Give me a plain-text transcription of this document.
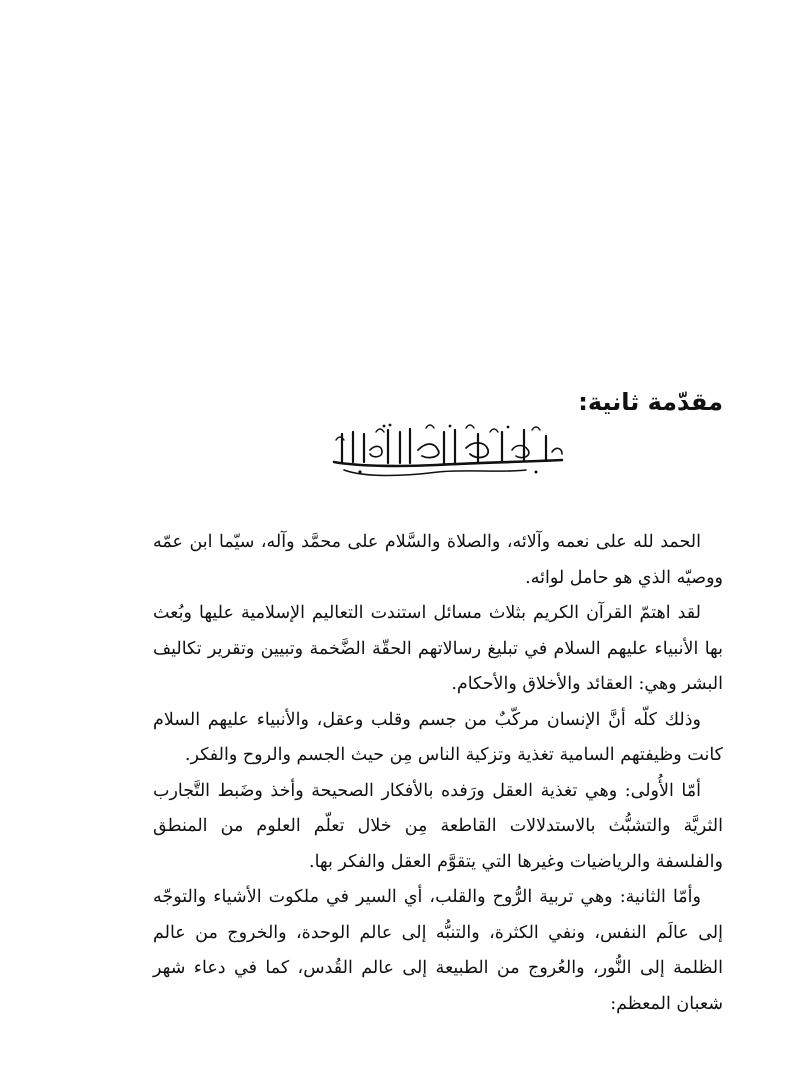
مقدّمة ثانية:
بِسْمِ اللهِ الرَّحْمنِ الرَّحِيمِ

الحمد لله على نعمه وآلائه، والصلاة والسَّلام على محمَّد وآله، سيّما ابن عمّه ووصيّه الذي هو حامل لوائه.

لقد اهتمّ القرآن الكريم بثلاث مسائل استندت التعاليم الإسلامية عليها وبُعث بها الأنبياء عليهم السلام في تبليغ رسالاتهم الحقّة الضَّخمة وتبيين وتقرير تكاليف البشر وهي: العقائد والأخلاق والأحكام.

وذلك كلّه أنَّ الإنسان مركّبٌ من جسم وقلب وعقل، والأنبياء عليهم السلام كانت وظيفتهم السامية تغذية وتزكية الناس مِن حيث الجسم والروح والفكر.

أمّا الأُولى: وهي تغذية العقل ورَفده بالأفكار الصحيحة وأخذ وضَبط التَّجارب الثريَّة والتشبُّث بالاستدلالات القاطعة مِن خلال تعلّم العلوم من المنطق والفلسفة والرياضيات وغيرها التي يتقوَّم العقل والفكر بها.

وأمّا الثانية: وهي تربية الرُّوح والقلب، أي السير في ملكوت الأشياء والتوجّه إلى عالَم النفس، ونفي الكثرة، والتنبُّه إلى عالم الوحدة، والخروج من عالم الظلمة إلى النُّور، والعُروج من الطبيعة إلى عالم القُدس، كما في دعاء شهر شعبان المعظم:
